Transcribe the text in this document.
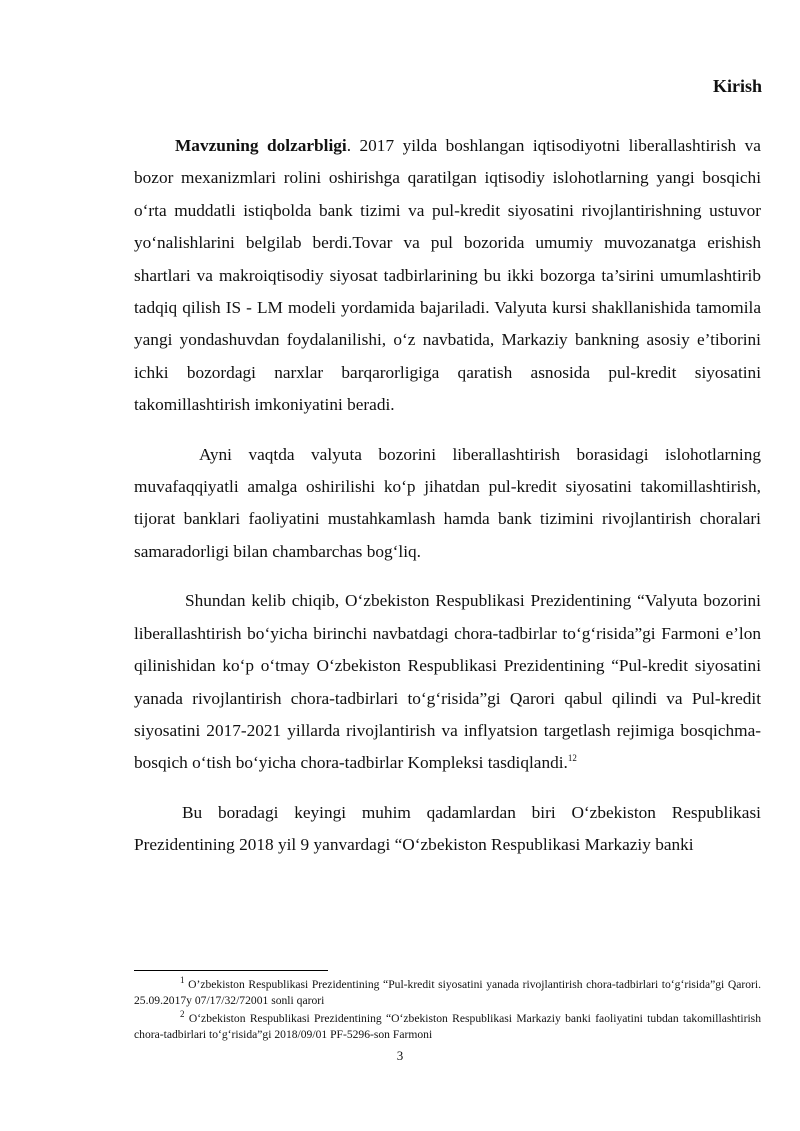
Kirish

Mavzuning dolzarbligi. 2017 yilda boshlangan iqtisodiyotni liberallashtirish va bozor mexanizmlari rolini oshirishga qaratilgan iqtisodiy islohotlarning yangi bosqichi o‘rta muddatli istiqbolda bank tizimi va pul-kredit siyosatini rivojlantirishning ustuvor yo‘nalishlarini belgilab berdi.Tovar va pul bozorida umumiy muvozanatga erishish shartlari va makroiqtisodiy siyosat tadbirlarining bu ikki bozorga ta’sirini umumlashtirib tadqiq qilish IS - LM modeli yordamida bajariladi. Valyuta kursi shakllanishida tamomila yangi yondashuvdan foydalanilishi, o‘z navbatida, Markaziy bankning asosiy e’tiborini ichki bozordagi narxlar barqarorligiga qaratish asnosida pul-kredit siyosatini takomillashtirish imkoniyatini beradi.

Ayni vaqtda valyuta bozorini liberallashtirish borasidagi islohotlarning muvafaqqiyatli amalga oshirilishi ko‘p jihatdan pul-kredit siyosatini takomillashtirish, tijorat banklari faoliyatini mustahkamlash hamda bank tizimini rivojlantirish choralari samaradorligi bilan chambarchas bog‘liq.

Shundan kelib chiqib, O‘zbekiston Respublikasi Prezidentining “Valyuta bozorini liberallashtirish bo‘yicha birinchi navbatdagi chora-tadbirlar to‘g‘risida”gi Farmoni e’lon qilinishidan ko‘p o‘tmay O‘zbekiston Respublikasi Prezidentining “Pul-kredit siyosatini yanada rivojlantirish chora-tadbirlari to‘g‘risida”gi Qarori qabul qilindi va Pul-kredit siyosatini 2017-2021 yillarda rivojlantirish va inflyatsion targetlash rejimiga bosqichma-bosqich o‘tish bo‘yicha chora-tadbirlar Kompleksi tasdiqlandi.$^{12}$

Bu boradagi keyingi muhim qadamlardan biri O‘zbekiston Respublikasi Prezidentining 2018 yil 9 yanvardagi “O‘zbekiston Respublikasi Markaziy banki

$^1$ O’zbekiston Respublikasi Prezidentining “Pul-kredit siyosatini yanada rivojlantirish chora-tadbirlari to‘g‘risida”gi Qarori. 25.09.2017y 07/17/32/72001 sonli qarori

$^2$ O‘zbekiston Respublikasi Prezidentining “O‘zbekiston Respublikasi Markaziy banki faoliyatini tubdan takomillashtirish chora-tadbirlari to‘g‘risida”gi 2018/09/01 PF-5296-son Farmoni

3
